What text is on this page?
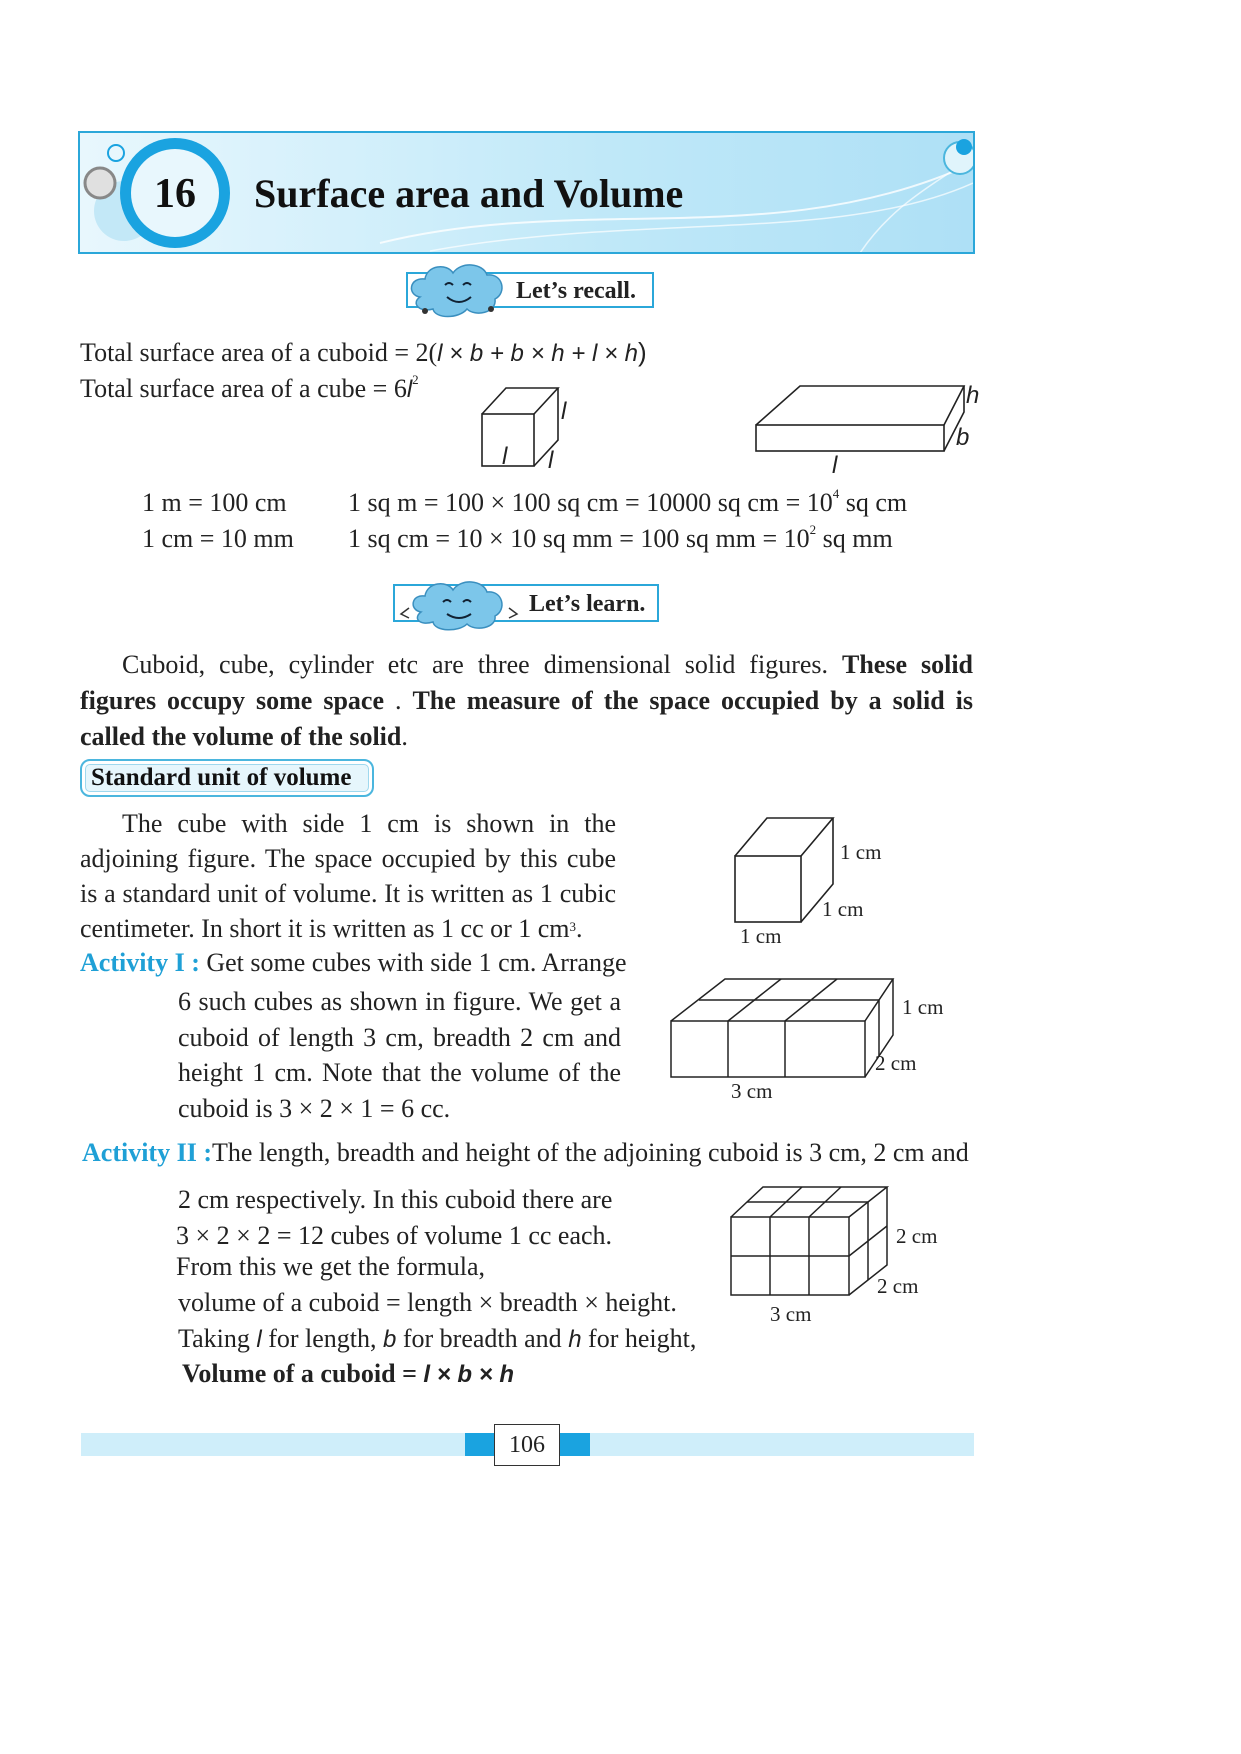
16	Surface area and Volume
Let’s recall.
Total surface area of a cuboid = 2(l × b + b × h + l × h)
Total surface area of a cube = $6l^2$
l
l l
h
b
l
1 m = 100 cm 1 sq m = 100 × 100 sq cm = 10000 sq cm = $10^4$ sq cm
1 cm = 10 mm 1 sq cm = 10 × 10 sq mm = 100 sq mm = $10^2$ sq mm
Let’s learn.
Cuboid, cube, cylinder etc are three dimensional solid figures. These solid figures occupy some space . The measure of the space occupied by a solid is called the volume of the solid.
Standard unit of volume
The cube with side 1 cm is shown in the adjoining figure. The space occupied by this cube is a standard unit of volume. It is written as 1 cubic centimeter. In short it is written as 1 cc or 1 $cm^3$.
1 cm
1 cm
1 cm
Activity I : Get some cubes with side 1 cm. Arrange
6 such cubes as shown in figure. We get a cuboid of length 3 cm, breadth 2 cm and height 1 cm. Note that the volume of the cuboid is 3 × 2 × 1 = 6 cc.
1 cm
2 cm
3 cm
Activity II :The length, breadth and height of the adjoining cuboid is 3 cm, 2 cm and
2 cm respectively. In this cuboid there are
3 × 2 × 2 = 12 cubes of volume 1 cc each.
From this we get the formula,
volume of a cuboid = length × breadth × height.
Taking l for length, b for breadth and h for height,
Volume of a cuboid = l × b × h
2 cm
2 cm
3 cm
106
